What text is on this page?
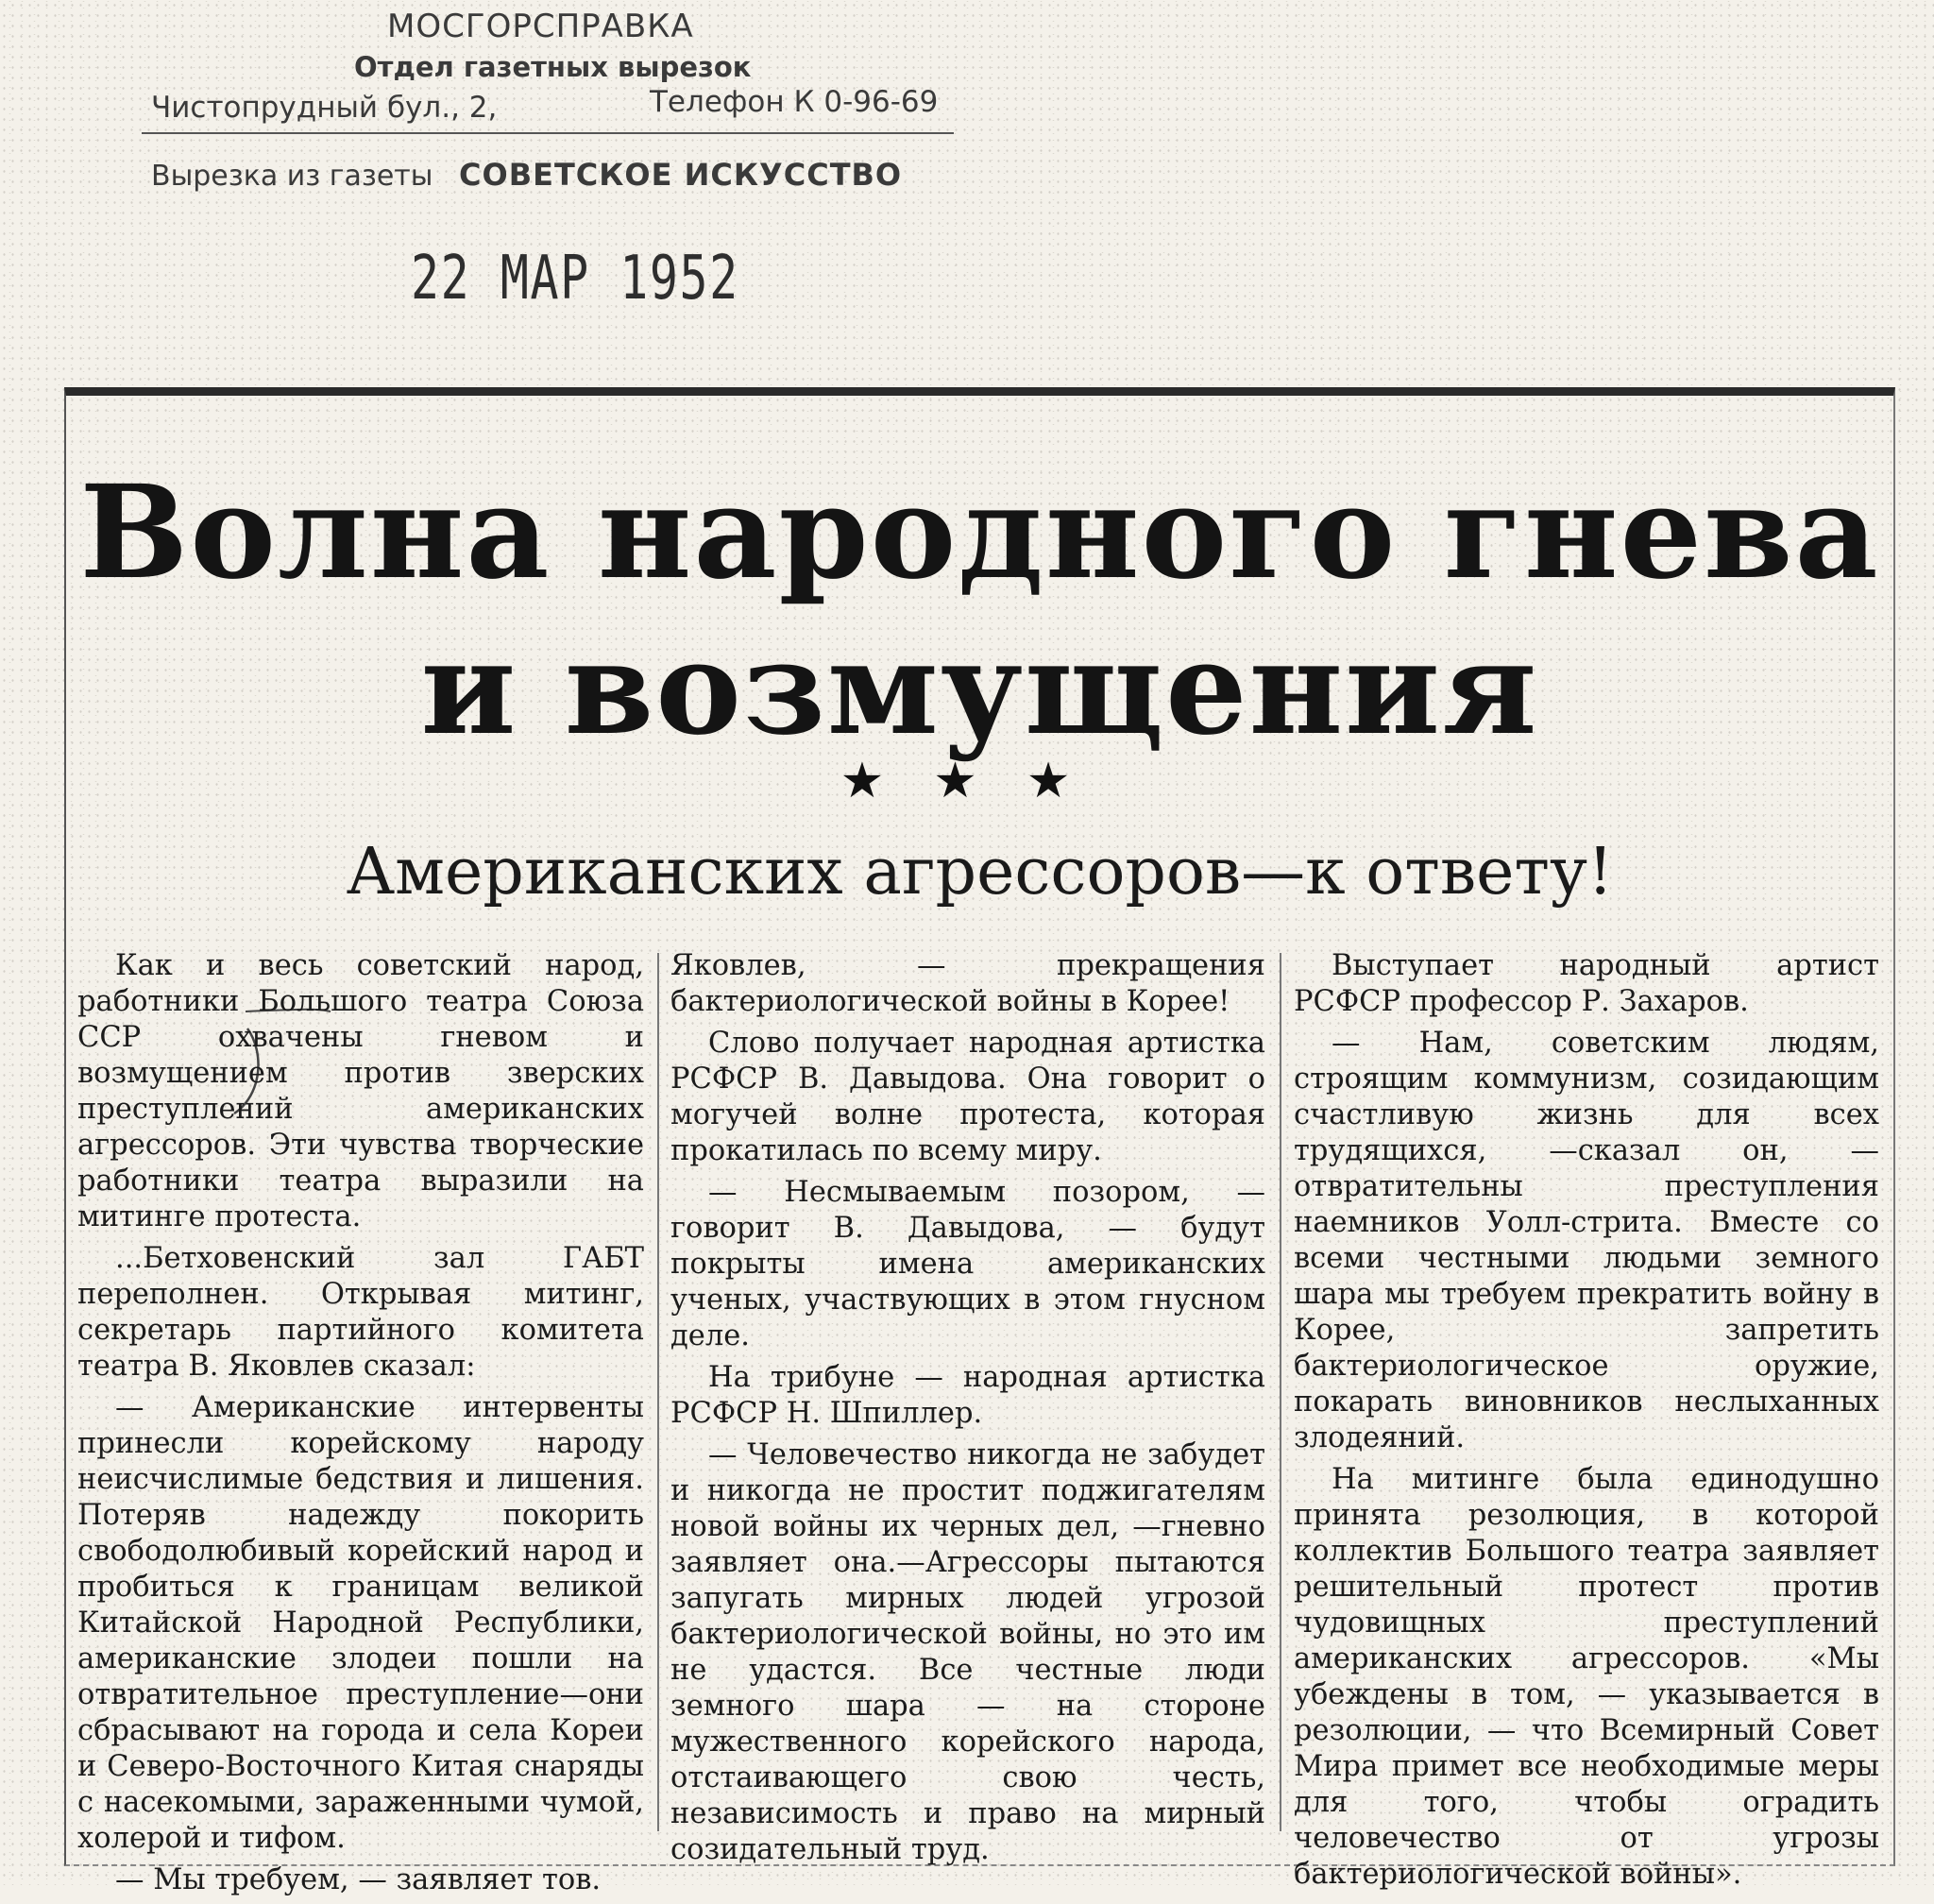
МОСГОРСПРАВКА
Отдел газетных вырезок
Чистопрудный бул., 2,	Телефон К 0-96-69
Вырезка из газеты СОВЕТСКОЕ ИСКУССТВО
22 МАР 1952
Волна народного гнева
и возмущения
★★★
Американских агрессоров—к ответу!

Как и весь советский народ, работники Большого театра Союза ССР охвачены гневом и возмущением против зверских преступлений американских агрессоров. Эти чувства творческие работники театра выразили на митинге протеста.

...Бетховенский зал ГАБТ переполнен. Открывая митинг, секретарь партийного комитета театра В. Яковлев сказал:

— Американские интервенты принесли корейскому народу неисчислимые бедствия и лишения. Потеряв надежду покорить свободолюбивый корейский народ и пробиться к границам великой Китайской Народной Республики, американские злодеи пошли на отвратительное преступление—они сбрасывают на города и села Кореи и Северо-Восточного Китая снаряды с насекомыми, зараженными чумой, холерой и тифом.

— Мы требуем, — заявляет тов.

Яковлев, — прекращения бактериологической войны в Корее!

Слово получает народная артистка РСФСР В. Давыдова. Она говорит о могучей волне протеста, которая прокатилась по всему миру.

— Несмываемым позором, — говорит В. Давыдова, — будут покрыты имена американских ученых, участвующих в этом гнусном деле.

На трибуне — народная артистка РСФСР Н. Шпиллер.

— Человечество никогда не забудет и никогда не простит поджигателям новой войны их черных дел, —гневно заявляет она.—Агрессоры пытаются запугать мирных людей угрозой бактериологической войны, но это им не удастся. Все честные люди земного шара — на стороне мужественного корейского народа, отстаивающего свою честь, независимость и право на мирный созидательный труд.

Выступает народный артист РСФСР профессор Р. Захаров.

— Нам, советским людям, строящим коммунизм, созидающим счастливую жизнь для всех трудящихся, —сказал он, — отвратительны преступления наемников Уолл-стрита. Вместе со всеми честными людьми земного шара мы требуем прекратить войну в Корее, запретить бактериологическое оружие, покарать виновников неслыханных злодеяний.

На митинге была единодушно принята резолюция, в которой коллектив Большого театра заявляет решительный протест против чудовищных преступлений американских агрессоров. «Мы убеждены в том, — указывается в резолюции, — что Всемирный Совет Мира примет все необходимые меры для того, чтобы оградить человечество от угрозы бактериологической войны».
